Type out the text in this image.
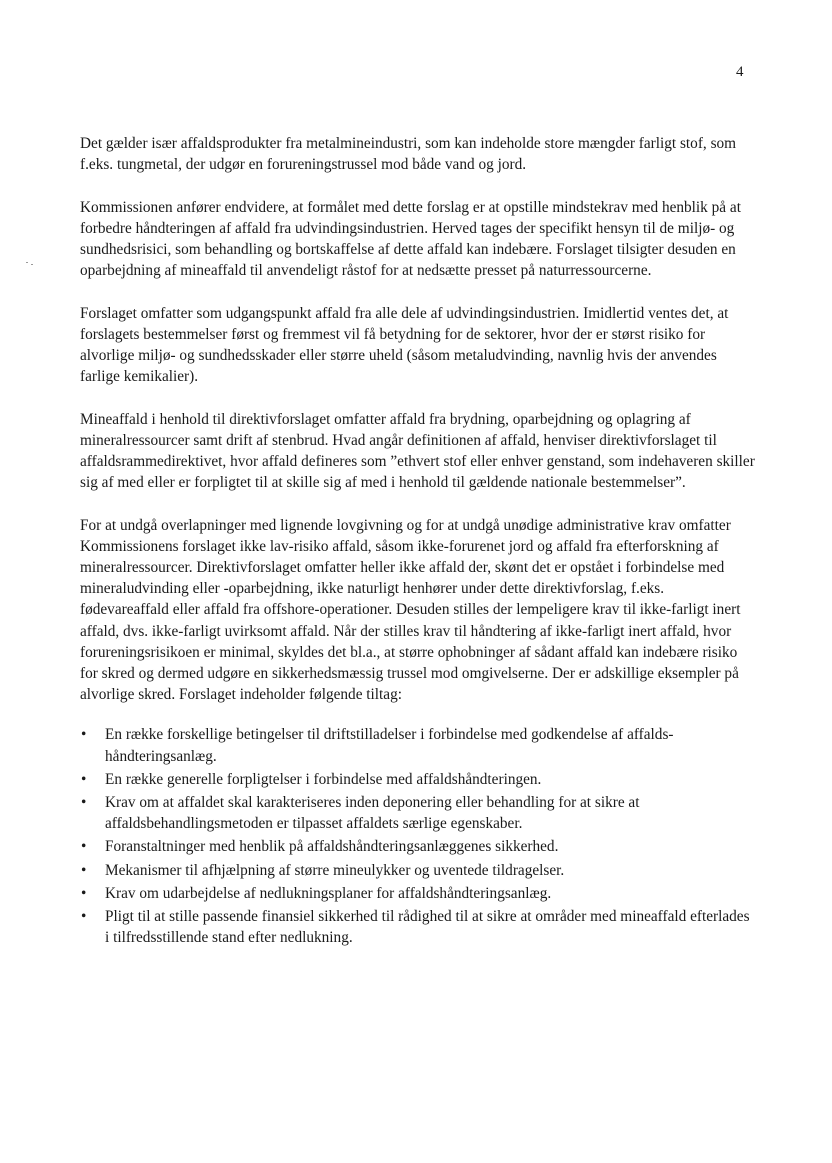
4

Det gælder især affaldsprodukter fra metalmineindustri, som kan indeholde store mængder farligt stof, som f.eks. tungmetal, der udgør en forureningstrussel mod både vand og jord.

Kommissionen anfører endvidere, at formålet med dette forslag er at opstille mindstekrav med henblik på at forbedre håndteringen af affald fra udvindingsindustrien. Herved tages der specifikt hensyn til de miljø- og sundhedsrisici, som behandling og bortskaffelse af dette affald kan indebære. Forslaget tilsigter desuden en oparbejdning af mineaffald til anvendeligt råstof for at nedsætte presset på naturressourcerne.

Forslaget omfatter som udgangspunkt affald fra alle dele af udvindingsindustrien. Imidlertid ventes det, at forslagets bestemmelser først og fremmest vil få betydning for de sektorer, hvor der er størst risiko for alvorlige miljø- og sundhedsskader eller større uheld (såsom metaludvinding, navnlig hvis der anvendes farlige kemikalier).

Mineaffald i henhold til direktivforslaget omfatter affald fra brydning, oparbejdning og oplagring af mineralressourcer samt drift af stenbrud. Hvad angår definitionen af affald, henviser direktivforslaget til affaldsrammedirektivet, hvor affald defineres som ”ethvert stof eller enhver genstand, som indehaveren skiller sig af med eller er forpligtet til at skille sig af med i henhold til gældende nationale bestemmelser”.

For at undgå overlapninger med lignende lovgivning og for at undgå unødige administrative krav omfatter Kommissionens forslaget ikke lav-risiko affald, såsom ikke-forurenet jord og affald fra efterforskning af mineralressourcer. Direktivforslaget omfatter heller ikke affald der, skønt det er opstået i forbindelse med mineraludvinding eller -oparbejdning, ikke naturligt henhører under dette direktivforslag, f.eks. fødevareaffald eller affald fra offshore-operationer. Desuden stilles der lempeligere krav til ikke-farligt inert affald, dvs. ikke-farligt uvirksomt affald. Når der stilles krav til håndtering af ikke-farligt inert affald, hvor forureningsrisikoen er minimal, skyldes det bl.a., at større ophobninger af sådant affald kan indebære risiko for skred og dermed udgøre en sikkerhedsmæssig trussel mod omgivelserne. Der er adskillige eksempler på alvorlige skred. Forslaget indeholder følgende tiltag:

• En række forskellige betingelser til driftstilladelser i forbindelse med godkendelse af affalds-håndteringsanlæg.
• En række generelle forpligtelser i forbindelse med affaldshåndteringen.
• Krav om at affaldet skal karakteriseres inden deponering eller behandling for at sikre at affaldsbehandlingsmetoden er tilpasset affaldets særlige egenskaber.
• Foranstaltninger med henblik på affaldshåndteringsanlæggenes sikkerhed.
• Mekanismer til afhjælpning af større mineulykker og uventede tildragelser.
• Krav om udarbejdelse af nedlukningsplaner for affaldshåndteringsanlæg.
• Pligt til at stille passende finansiel sikkerhed til rådighed til at sikre at områder med mineaffald efterlades i tilfredsstillende stand efter nedlukning.
